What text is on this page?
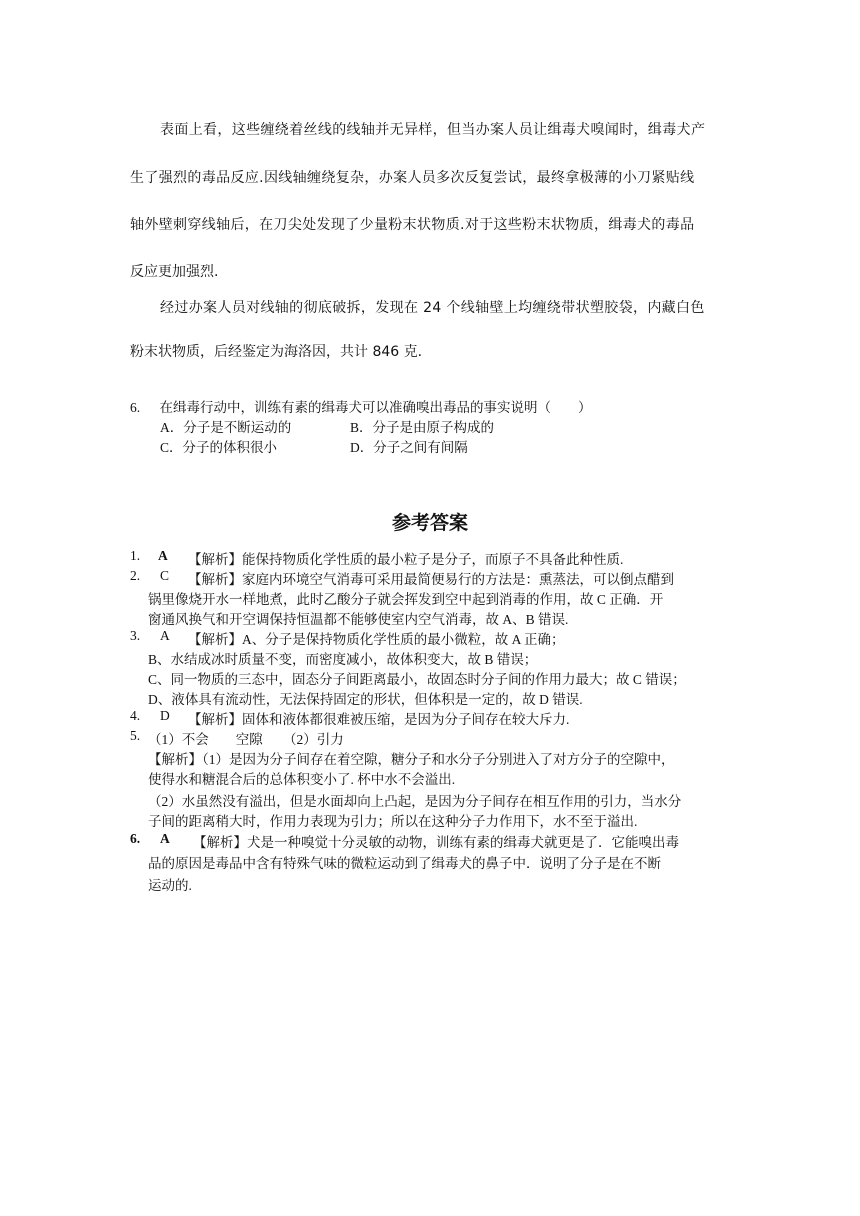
表面上看，这些缠绕着丝线的线轴并无异样，但当办案人员让缉毒犬嗅闻时，缉毒犬产
生了强烈的毒品反应.因线轴缠绕复杂，办案人员多次反复尝试，最终拿极薄的小刀紧贴线
轴外壁刺穿线轴后，在刀尖处发现了少量粉末状物质.对于这些粉末状物质，缉毒犬的毒品
反应更加强烈.
经过办案人员对线轴的彻底破拆，发现在 24 个线轴壁上均缠绕带状塑胶袋，内藏白色
粉末状物质，后经鉴定为海洛因，共计 846 克.
6. 在缉毒行动中，训练有素的缉毒犬可以准确嗅出毒品的事实说明（　　）
A．分子是不断运动的	B．分子是由原子构成的
C．分子的体积很小	D．分子之间有间隔
参考答案
1. A 【解析】能保持物质化学性质的最小粒子是分子，而原子不具备此种性质.
2. C 【解析】家庭内环境空气消毒可采用最简便易行的方法是：熏蒸法，可以倒点醋到
锅里像烧开水一样地煮，此时乙酸分子就会挥发到空中起到消毒的作用，故 C 正确．开
窗通风换气和开空调保持恒温都不能够使室内空气消毒，故 A、B 错误.
3. A 【解析】A、分子是保持物质化学性质的最小微粒，故 A 正确；
B、水结成冰时质量不变，而密度减小，故体积变大，故 B 错误；
C、同一物质的三态中，固态分子间距离最小，故固态时分子间的作用力最大；故 C 错误；
D、液体具有流动性，无法保持固定的形状，但体积是一定的，故 D 错误.
4. D 【解析】固体和液体都很难被压缩，是因为分子间存在较大斥力.
5. （1）不会　　空隙　　（2）引力
【解析】（1）是因为分子间存在着空隙，糖分子和水分子分别进入了对方分子的空隙中，
使得水和糖混合后的总体积变小了. 杯中水不会溢出.
（2）水虽然没有溢出，但是水面却向上凸起，是因为分子间存在相互作用的引力，当水分
子间的距离稍大时，作用力表现为引力；所以在这种分子力作用下，水不至于溢出.
6. A 【解析】犬是一种嗅觉十分灵敏的动物，训练有素的缉毒犬就更是了．它能嗅出毒
品的原因是毒品中含有特殊气味的微粒运动到了缉毒犬的鼻子中．说明了分子是在不断
运动的.
